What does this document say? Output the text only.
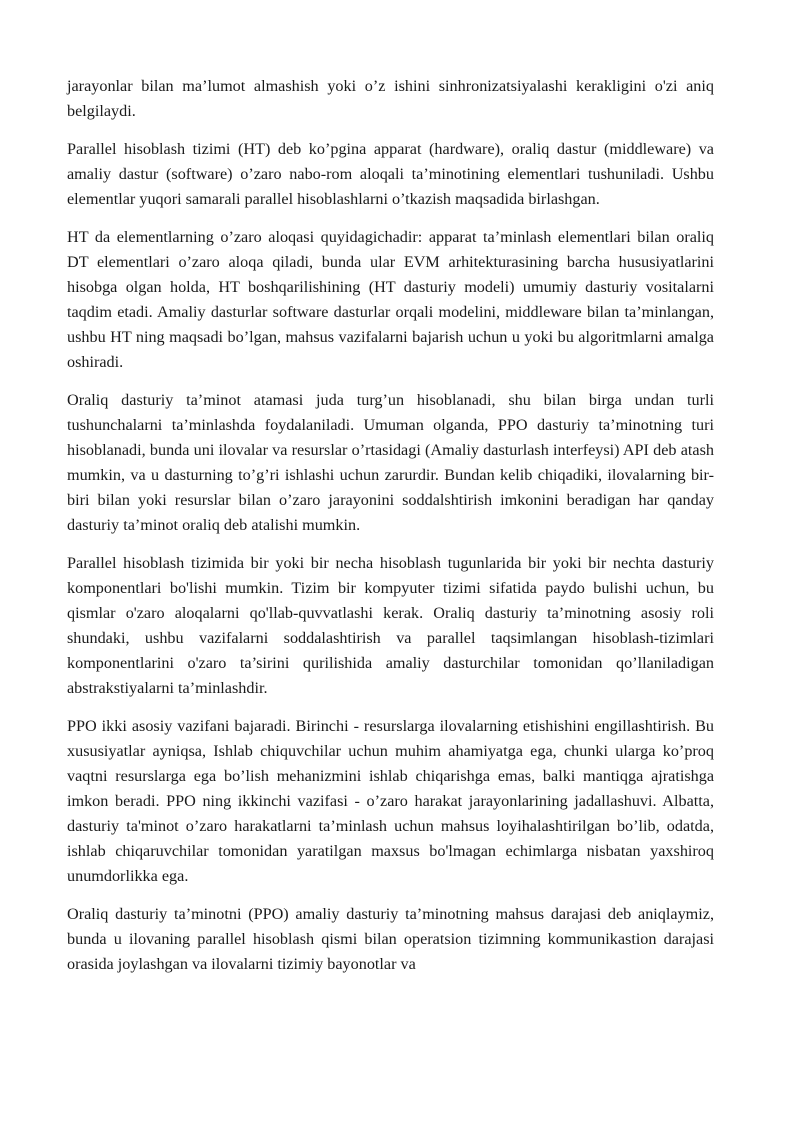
jarayonlar bilan ma’lumot almashish yoki o’z ishini sinhronizatsiyalashi kerakligini o'zi aniq belgilaydi.

Parallel hisoblash tizimi (HT) deb ko’pgina apparat (hardware), oraliq dastur (middleware) va amaliy dastur (software) o’zaro nabo-rom aloqali ta’minotining elementlari tushuniladi. Ushbu elementlar yuqori samarali parallel hisoblashlarni o’tkazish maqsadida birlashgan.

HT da elementlarning o’zaro aloqasi quyidagichadir: apparat ta’minlash elementlari bilan oraliq DT elementlari o’zaro aloqa qiladi, bunda ular EVM arhitekturasining barcha hususiyatlarini hisobga olgan holda, HT boshqarilishining (HT dasturiy modeli) umumiy dasturiy vositalarni taqdim etadi. Amaliy dasturlar software dasturlar orqali modelini, middleware bilan ta’minlangan, ushbu HT ning maqsadi bo’lgan, mahsus vazifalarni bajarish uchun u yoki bu algoritmlarni amalga oshiradi.

Oraliq dasturiy ta’minot atamasi juda turg’un hisoblanadi, shu bilan birga undan turli tushunchalarni ta’minlashda foydalaniladi. Umuman olganda, PPO dasturiy ta’minotning turi hisoblanadi, bunda uni ilovalar va resurslar o’rtasidagi (Amaliy dasturlash interfeysi) API deb atash mumkin, va u dasturning to’g’ri ishlashi uchun zarurdir. Bundan kelib chiqadiki, ilovalarning bir-biri bilan yoki resurslar bilan o’zaro jarayonini soddalshtirish imkonini beradigan har qanday dasturiy ta’minot oraliq deb atalishi mumkin.

Parallel hisoblash tizimida bir yoki bir necha hisoblash tugunlarida bir yoki bir nechta dasturiy komponentlari bo'lishi mumkin. Tizim bir kompyuter tizimi sifatida paydo bulishi uchun, bu qismlar o'zaro aloqalarni qo'llab-quvvatlashi kerak. Oraliq dasturiy ta’minotning asosiy roli shundaki, ushbu vazifalarni soddalashtirish va parallel taqsimlangan hisoblash-tizimlari komponentlarini o'zaro ta’sirini qurilishida amaliy dasturchilar tomonidan qo’llaniladigan abstrakstiyalarni ta’minlashdir.

PPO ikki asosiy vazifani bajaradi. Birinchi - resurslarga ilovalarning etishishini engillashtirish. Bu xususiyatlar ayniqsa, Ishlab chiquvchilar uchun muhim ahamiyatga ega, chunki ularga ko’proq vaqtni resurslarga ega bo’lish mehanizmini ishlab chiqarishga emas, balki mantiqga ajratishga imkon beradi. PPO ning ikkinchi vazifasi - o’zaro harakat jarayonlarining jadallashuvi. Albatta, dasturiy ta'minot o’zaro harakatlarni ta’minlash uchun mahsus loyihalashtirilgan bo’lib, odatda, ishlab chiqaruvchilar tomonidan yaratilgan maxsus bo'lmagan echimlarga nisbatan yaxshiroq unumdorlikka ega.

Oraliq dasturiy ta’minotni (PPO) amaliy dasturiy ta’minotning mahsus darajasi deb aniqlaymiz, bunda u ilovaning parallel hisoblash qismi bilan operatsion tizimning kommunikastion darajasi orasida joylashgan va ilovalarni tizimiy bayonotlar va
